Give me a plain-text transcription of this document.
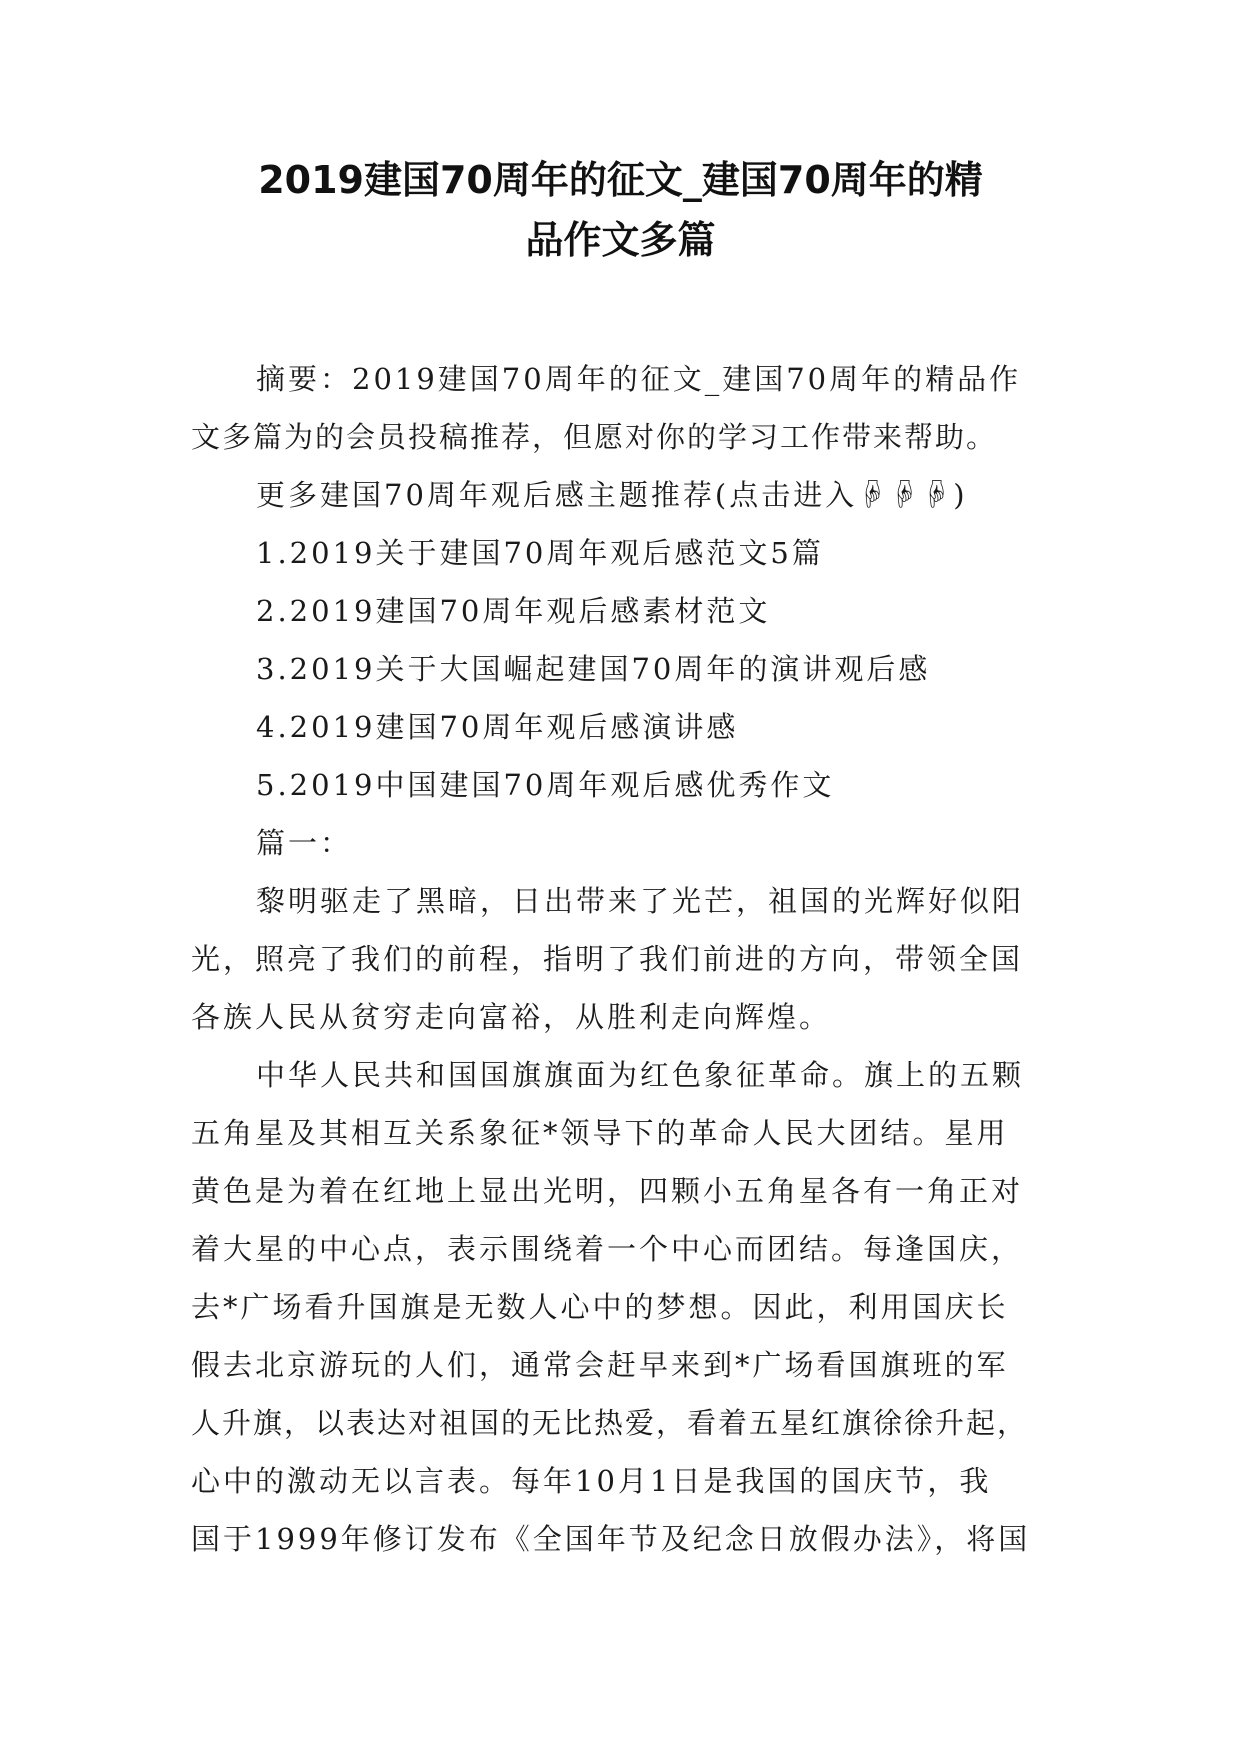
2019建国70周年的征文_建国70周年的精
品作文多篇
摘要：2019建国70周年的征文_建国70周年的精品作
文多篇为的会员投稿推荐，但愿对你的学习工作带来帮助。
更多建国70周年观后感主题推荐(点击进入☟☟☟)
1.2019关于建国70周年观后感范文5篇
2.2019建国70周年观后感素材范文
3.2019关于大国崛起建国70周年的演讲观后感
4.2019建国70周年观后感演讲感
5.2019中国建国70周年观后感优秀作文
篇一：
黎明驱走了黑暗，日出带来了光芒，祖国的光辉好似阳
光，照亮了我们的前程，指明了我们前进的方向，带领全国
各族人民从贫穷走向富裕，从胜利走向辉煌。
中华人民共和国国旗旗面为红色象征革命。旗上的五颗
五角星及其相互关系象征*领导下的革命人民大团结。星用
黄色是为着在红地上显出光明，四颗小五角星各有一角正对
着大星的中心点，表示围绕着一个中心而团结。每逢国庆，
去*广场看升国旗是无数人心中的梦想。因此，利用国庆长
假去北京游玩的人们，通常会赶早来到*广场看国旗班的军
人升旗，以表达对祖国的无比热爱，看着五星红旗徐徐升起，
心中的激动无以言表。每年10月1日是我国的国庆节，我
国于1999年修订发布《全国年节及纪念日放假办法》，将国
